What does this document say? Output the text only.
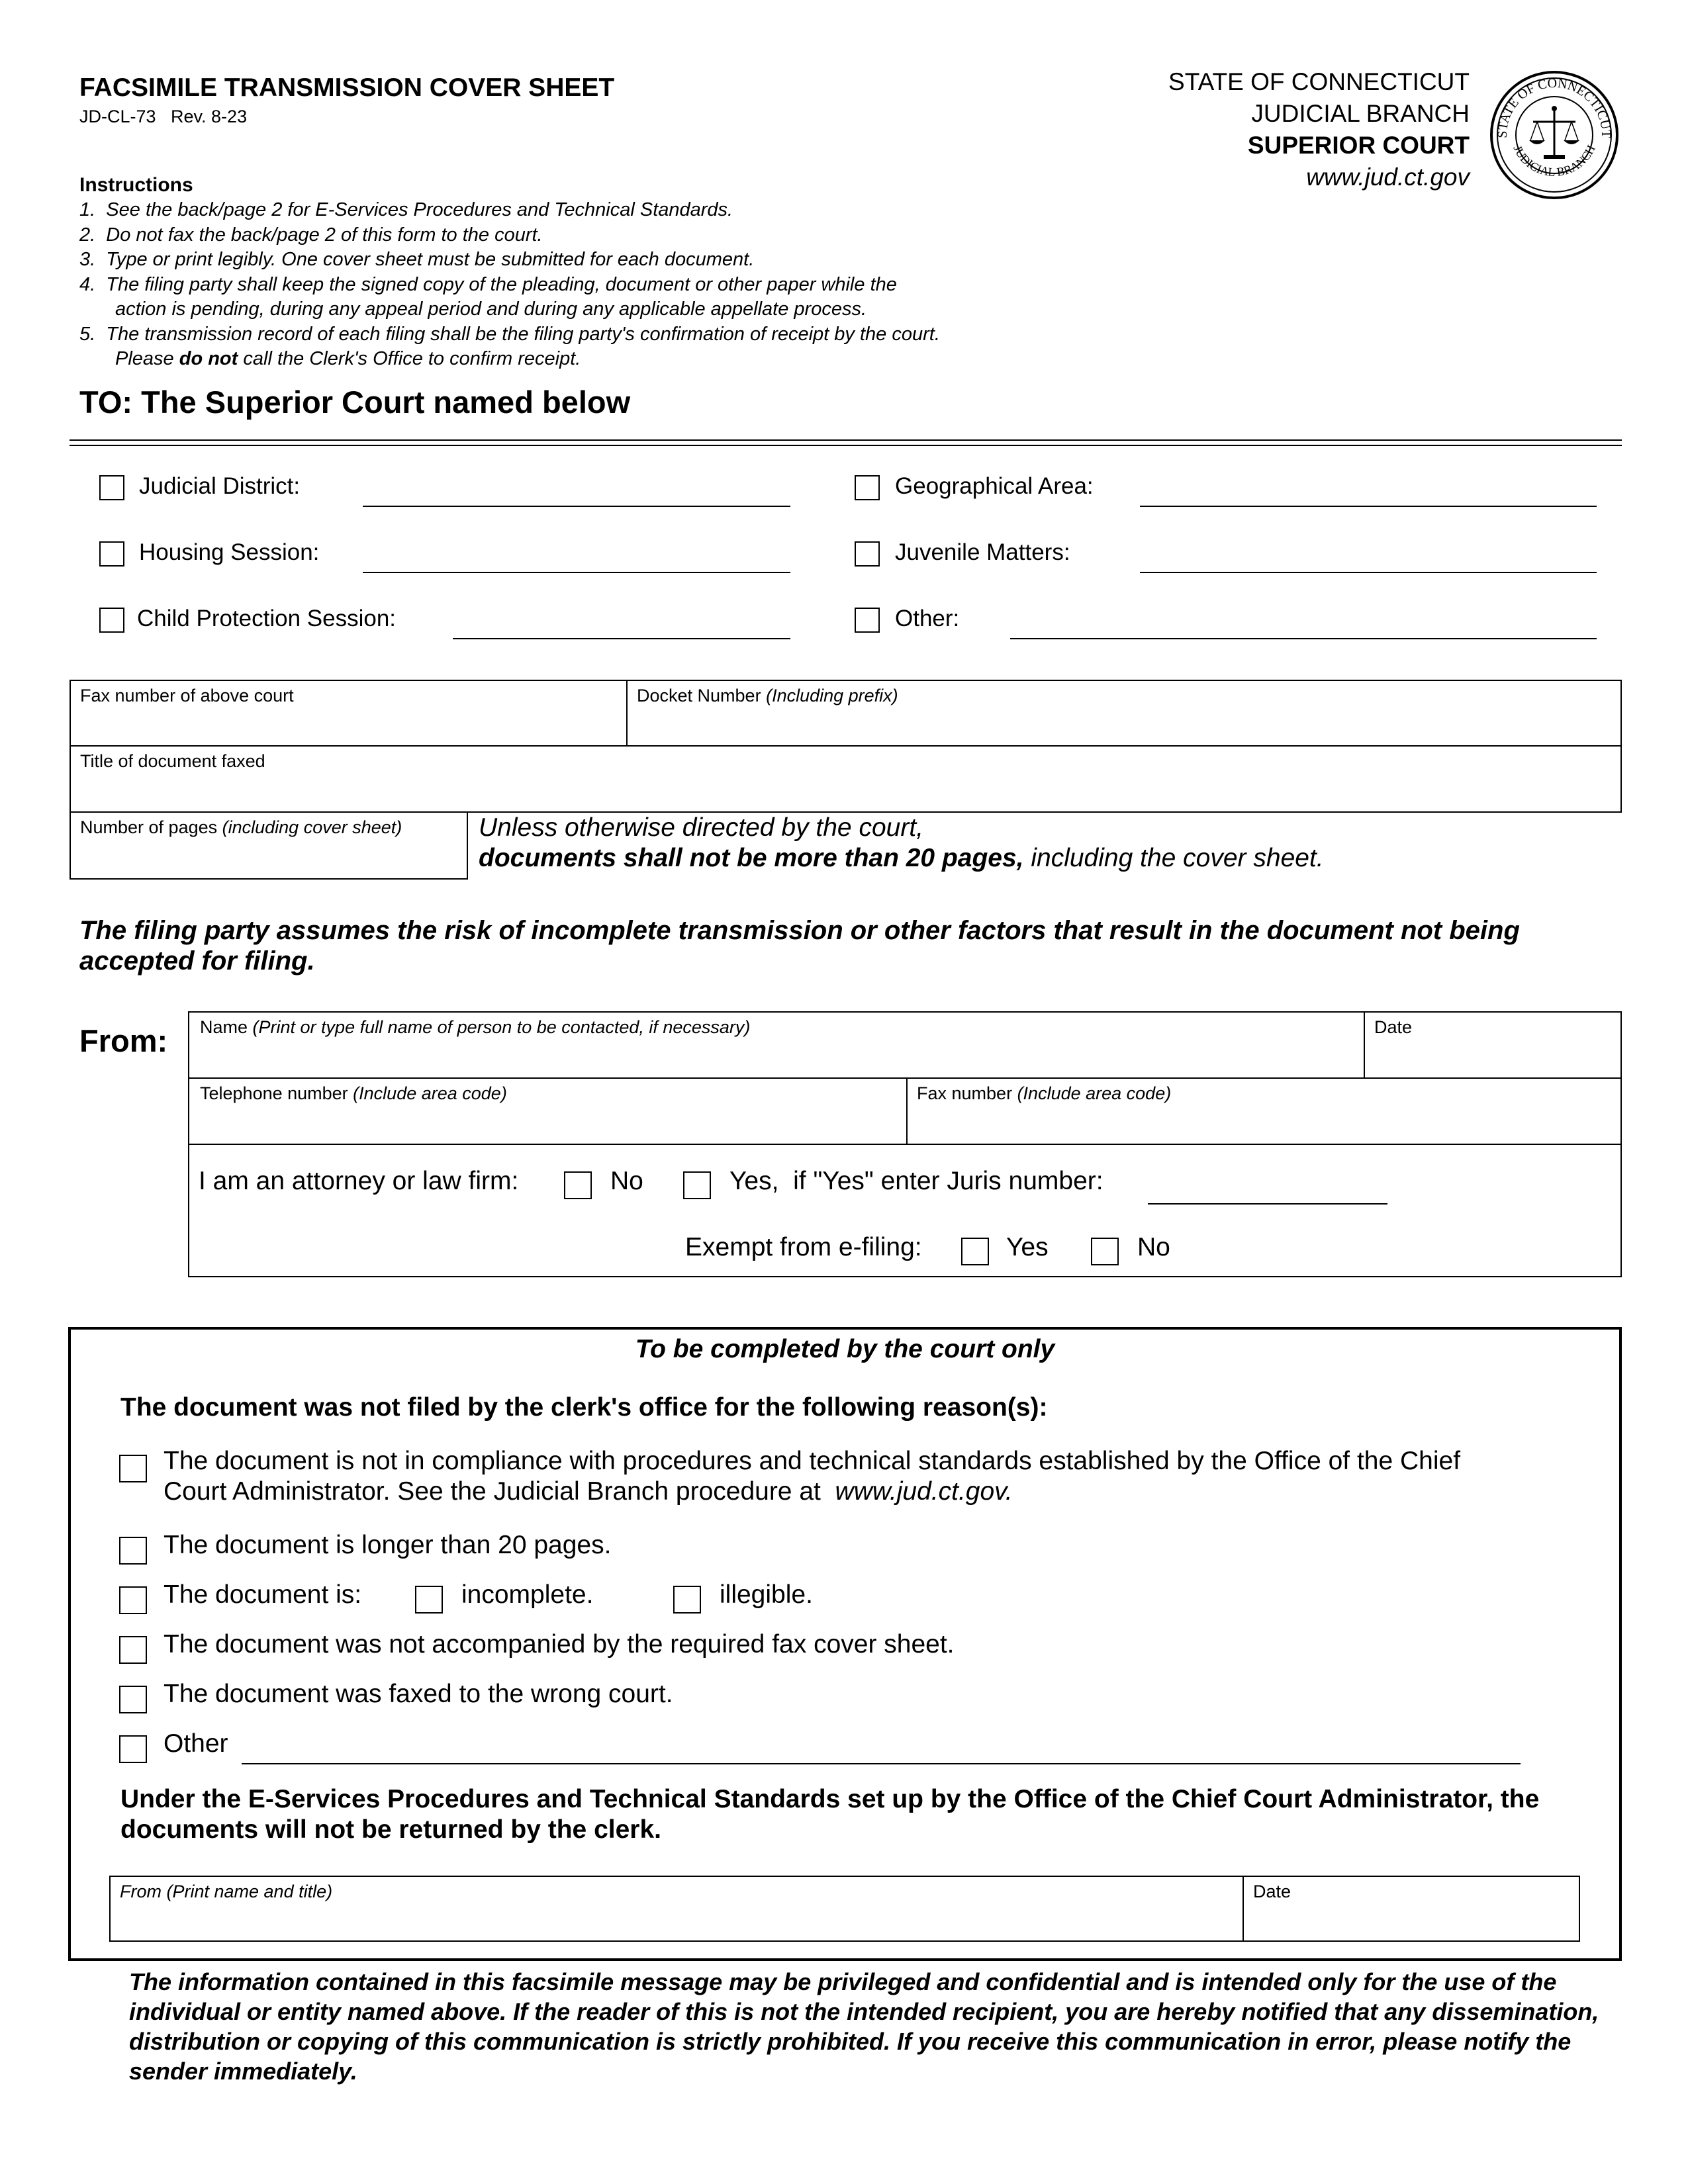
FACSIMILE TRANSMISSION COVER SHEET
JD-CL-73   Rev. 8-23
STATE OF CONNECTICUT
JUDICIAL BRANCH
SUPERIOR COURT
www.jud.ct.gov
STATE OF CONNECTICUT
JUDICIAL BRANCH
Instructions
1.  See the back/page 2 for E-Services Procedures and Technical Standards.
2.  Do not fax the back/page 2 of this form to the court.
3.  Type or print legibly. One cover sheet must be submitted for each document.
4.  The filing party shall keep the signed copy of the pleading, document or other paper while the
action is pending, during any appeal period and during any applicable appellate process.
5.  The transmission record of each filing shall be the filing party's confirmation of receipt by the court.
Please do not call the Clerk's Office to confirm receipt.
TO: The Superior Court named below
Judicial District:
Housing Session:
Child Protection Session:
Geographical Area:
Juvenile Matters:
Other:
Fax number of above court	Docket Number (Including prefix)
Title of document faxed
Number of pages (including cover sheet)	Unless otherwise directed by the court,
documents shall not be more than 20 pages, including the cover sheet.
The filing party assumes the risk of incomplete transmission or other factors that result in the document not being accepted for filing.
From: Name (Print or type full name of person to be contacted, if necessary)	Date
Telephone number (Include area code)	Fax number (Include area code)
I am an attorney or law firm:	No	Yes,  if "Yes" enter Juris number:
Exempt from e-filing:	Yes	No
To be completed by the court only
The document was not filed by the clerk's office for the following reason(s):
The document is not in compliance with procedures and technical standards established by the Office of the Chief
Court Administrator. See the Judicial Branch procedure at www.jud.ct.gov.
The document is longer than 20 pages.
The document is:	incomplete.	illegible.
The document was not accompanied by the required fax cover sheet.
The document was faxed to the wrong court.
Other
Under the E-Services Procedures and Technical Standards set up by the Office of the Chief Court Administrator, the documents will not be returned by the clerk.
From (Print name and title)	Date
The information contained in this facsimile message may be privileged and confidential and is intended only for the use of the individual or entity named above. If the reader of this is not the intended recipient, you are hereby notified that any dissemination, distribution or copying of this communication is strictly prohibited. If you receive this communication in error, please notify the sender immediately.
